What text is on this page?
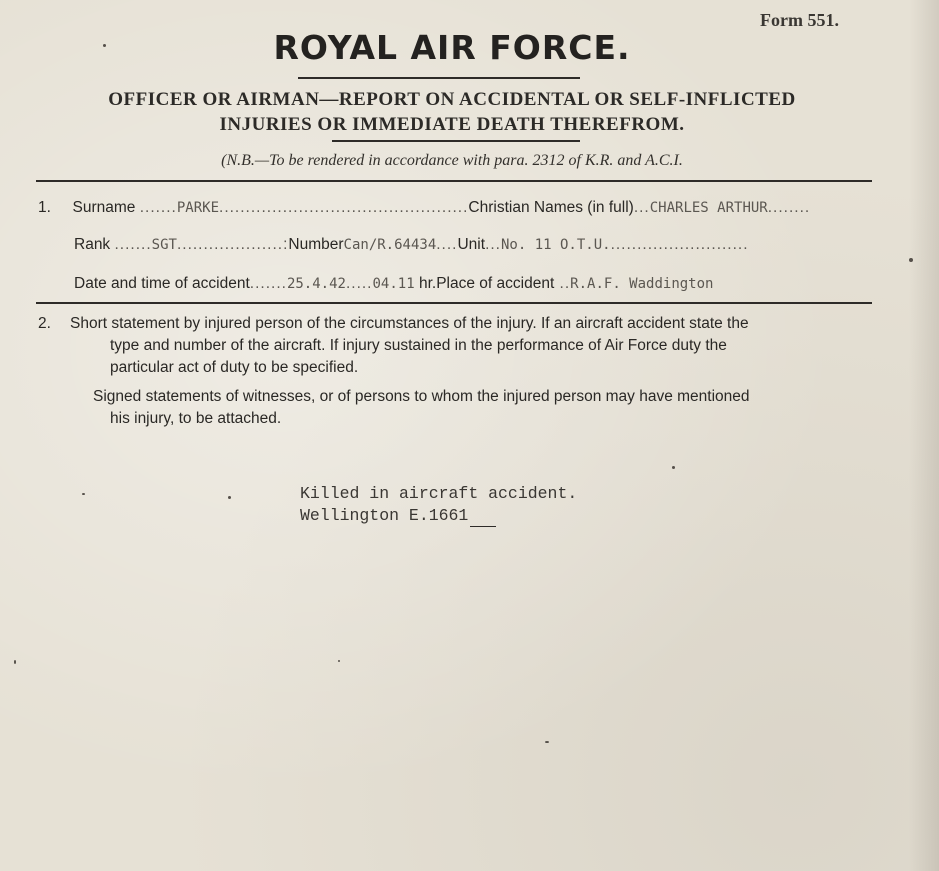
Form 551.
ROYAL AIR FORCE.
OFFICER OR AIRMAN—REPORT ON ACCIDENTAL OR SELF-INFLICTED
INJURIES OR IMMEDIATE DEATH THEREFROM.
(N.B.—To be rendered in accordance with para. 2312 of K.R. and A.C.I.
1. Surname .......PARKE...............................................Christian Names (in full)...CHARLES ARTHUR........
Rank .......SGT....................:NumberCan/R.64434....Unit...No. 11 O.T.U...........................
Date and time of accident.......25.4.42.....04.11 hr.Place of accident ..R.A.F. Waddington
2. Short statement by injured person of the circumstances of the injury. If an aircraft accident state the
type and number of the aircraft. If injury sustained in the performance of Air Force duty the
particular act of duty to be specified.
Signed statements of witnesses, or of persons to whom the injured person may have mentioned
his injury, to be attached.
Killed in aircraft accident.
Wellington E.1661
